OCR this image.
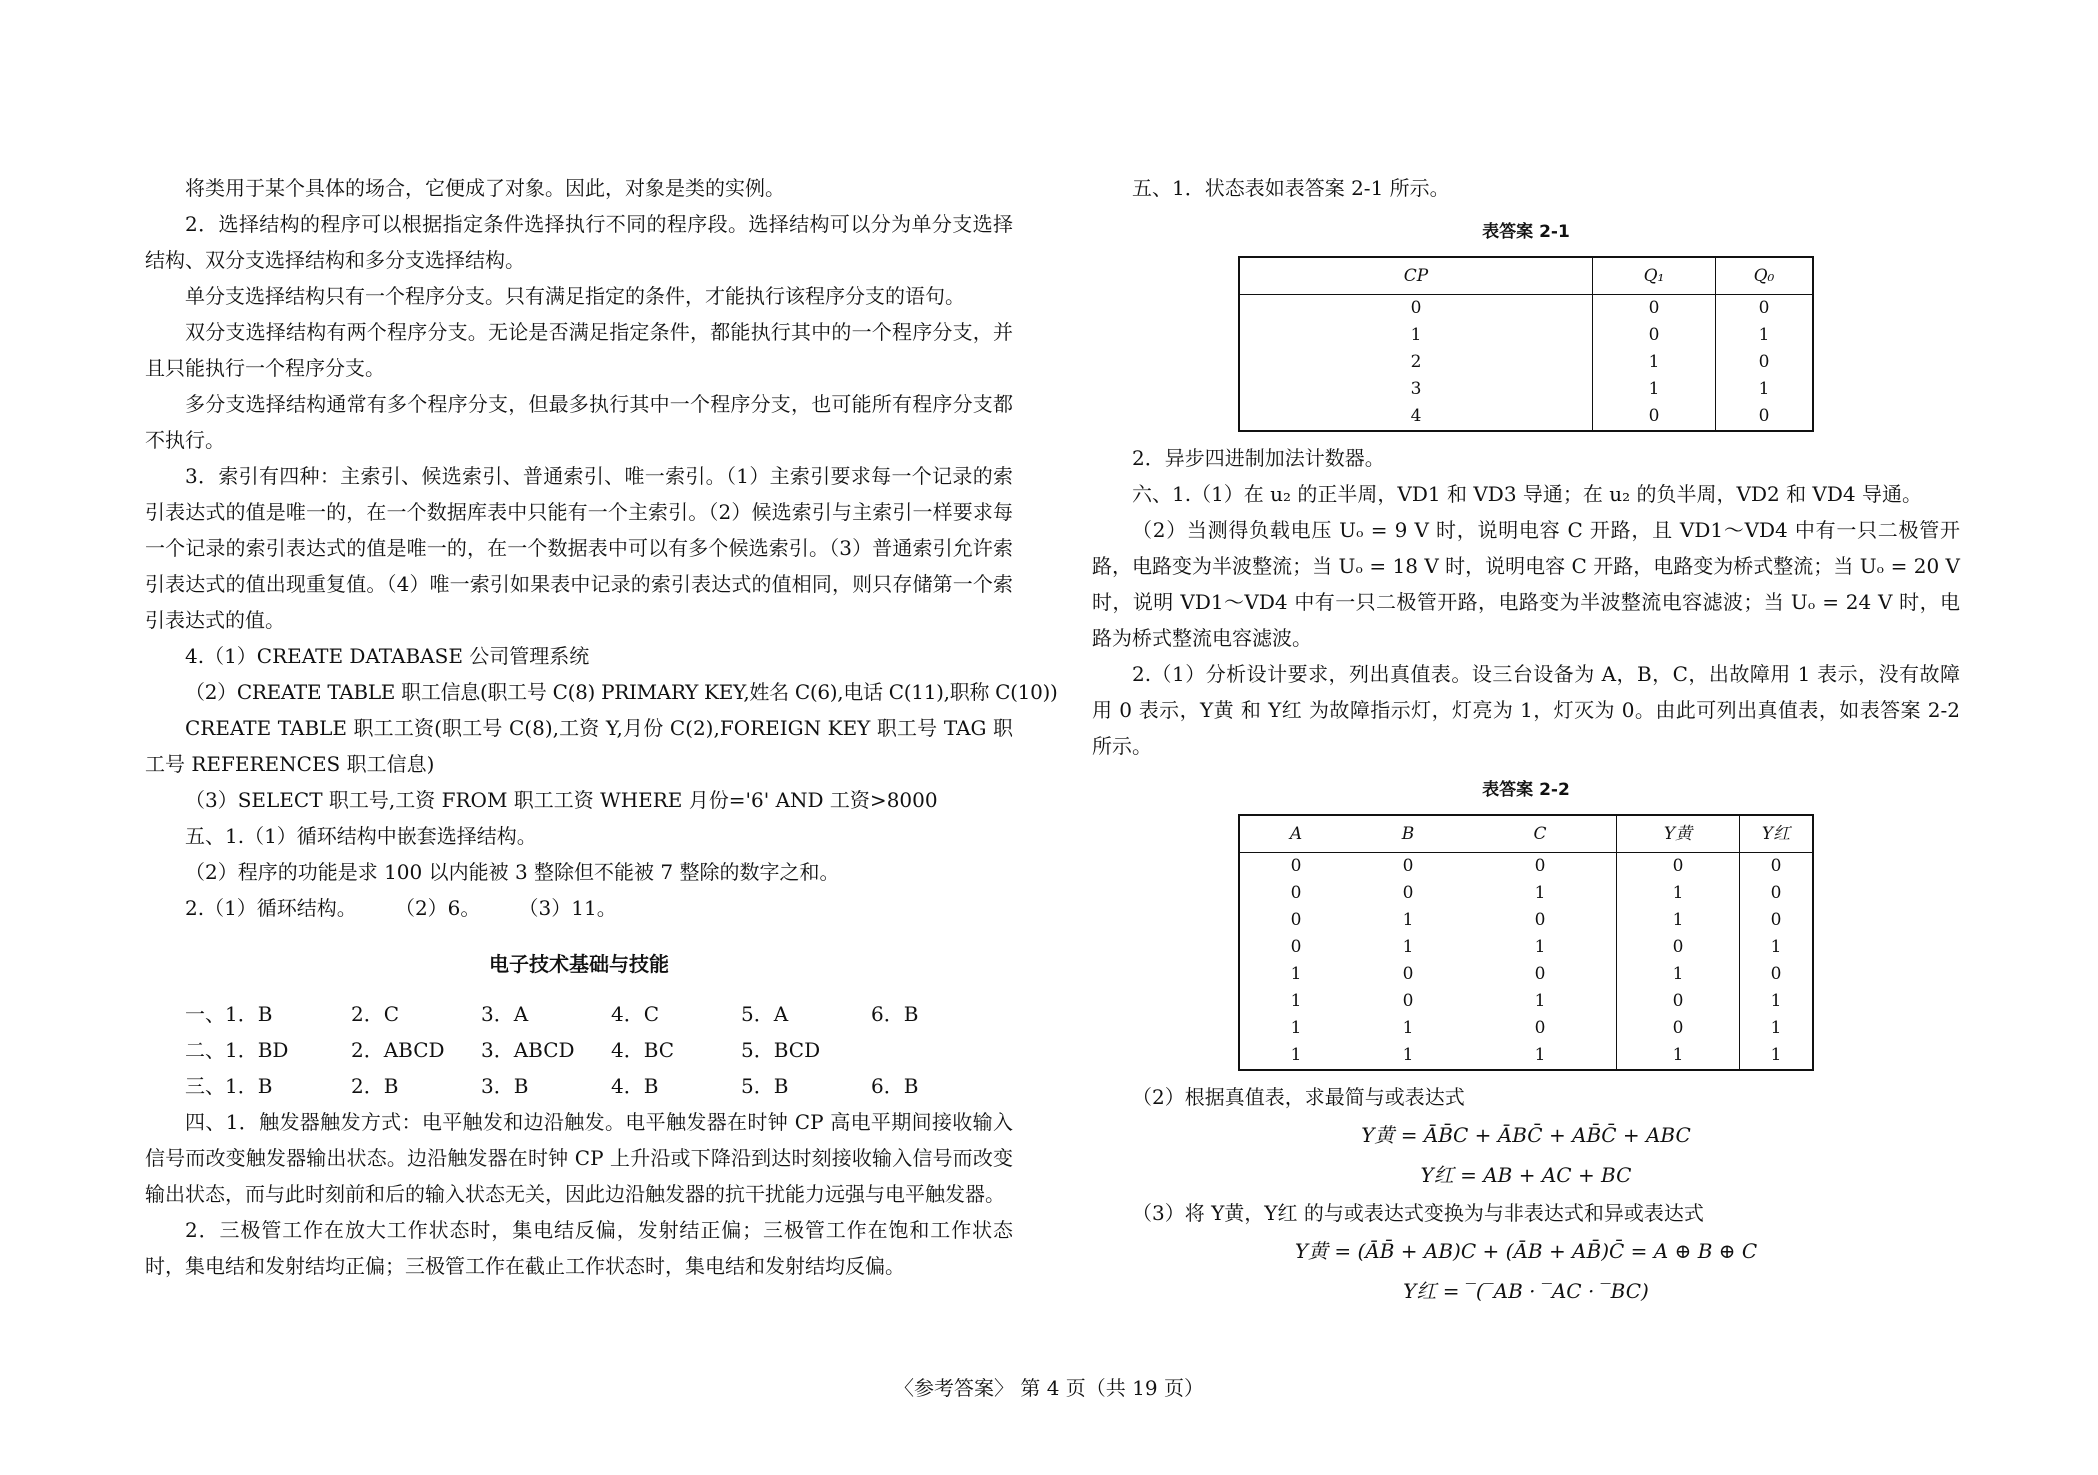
将类用于某个具体的场合，它便成了对象。因此，对象是类的实例。

2．选择结构的程序可以根据指定条件选择执行不同的程序段。选择结构可以分为单分支选择结构、双分支选择结构和多分支选择结构。

单分支选择结构只有一个程序分支。只有满足指定的条件，才能执行该程序分支的语句。

双分支选择结构有两个程序分支。无论是否满足指定条件，都能执行其中的一个程序分支，并且只能执行一个程序分支。

多分支选择结构通常有多个程序分支，但最多执行其中一个程序分支，也可能所有程序分支都不执行。

3．索引有四种：主索引、候选索引、普通索引、唯一索引。（1）主索引要求每一个记录的索引表达式的值是唯一的，在一个数据库表中只能有一个主索引。（2）候选索引与主索引一样要求每一个记录的索引表达式的值是唯一的，在一个数据表中可以有多个候选索引。（3）普通索引允许索引表达式的值出现重复值。（4）唯一索引如果表中记录的索引表达式的值相同，则只存储第一个索引表达式的值。

4.（1）CREATE DATABASE 公司管理系统

（2）CREATE TABLE 职工信息(职工号 C(8) PRIMARY KEY,姓名 C(6),电话 C(11),职称 C(10))

CREATE TABLE 职工工资(职工号 C(8),工资 Y,月份 C(2),FOREIGN KEY 职工号 TAG 职工号 REFERENCES 职工信息)

（3）SELECT 职工号,工资 FROM 职工工资 WHERE 月份='6' AND 工资>8000

五、1.（1）循环结构中嵌套选择结构。

（2）程序的功能是求 100 以内能被 3 整除但不能被 7 整除的数字之和。

2.（1）循环结构。      （2）6。      （3）11。

电子技术基础与技能
一、1．B	2．C	3．A	4．C	5．A	6．B
二、1．BD	2．ABCD	3．ABCD	4．BC	5．BCD
三、1．B	2．B	3．B	4．B	5．B	6．B

四、1．触发器触发方式：电平触发和边沿触发。电平触发器在时钟 CP 高电平期间接收输入信号而改变触发器输出状态。边沿触发器在时钟 CP 上升沿或下降沿到达时刻接收输入信号而改变输出状态，而与此时刻前和后的输入状态无关，因此边沿触发器的抗干扰能力远强与电平触发器。

2．三极管工作在放大工作状态时，集电结反偏，发射结正偏；三极管工作在饱和工作状态时，集电结和发射结均正偏；三极管工作在截止工作状态时，集电结和发射结均反偏。

五、1．状态表如表答案 2-1 所示。

表答案 2-1
CP	Q₁	Q₀
0	0	0
1	0	1
2	1	0
3	1	1
4	0	0

2．异步四进制加法计数器。

六、1.（1）在 u₂ 的正半周，VD1 和 VD3 导通；在 u₂ 的负半周，VD2 和 VD4 导通。

（2）当测得负载电压 Uₒ = 9 V 时，说明电容 C 开路，且 VD1～VD4 中有一只二极管开路，电路变为半波整流；当 Uₒ = 18 V 时，说明电容 C 开路，电路变为桥式整流；当 Uₒ = 20 V 时，说明 VD1～VD4 中有一只二极管开路，电路变为半波整流电容滤波；当 Uₒ = 24 V 时，电路为桥式整流电容滤波。

2.（1）分析设计要求，列出真值表。设三台设备为 A，B，C，出故障用 1 表示，没有故障用 0 表示，Y黄 和 Y红 为故障指示灯，灯亮为 1，灯灭为 0。由此可列出真值表，如表答案 2-2 所示。

表答案 2-2
A	B	C	Y黄	Y红
0	0	0	0	0
0	0	1	1	0
0	1	0	1	0
0	1	1	0	1
1	0	0	1	0
1	0	1	0	1
1	1	0	0	1
1	1	1	1	1

（2）根据真值表，求最简与或表达式

Y黄 = ĀB̄C + ĀBC̄ + AB̄C̄ + ABC
Y红 = AB + AC + BC

（3）将 Y黄，Y红 的与或表达式变换为与非表达式和异或表达式

Y黄 = (ĀB̄ + AB)C + (ĀB + AB̄)C̄ = A ⊕ B ⊕ C
Y红 = ‾(‾AB · ‾AC · ‾BC)
〈参考答案〉 第 4 页（共 19 页）
